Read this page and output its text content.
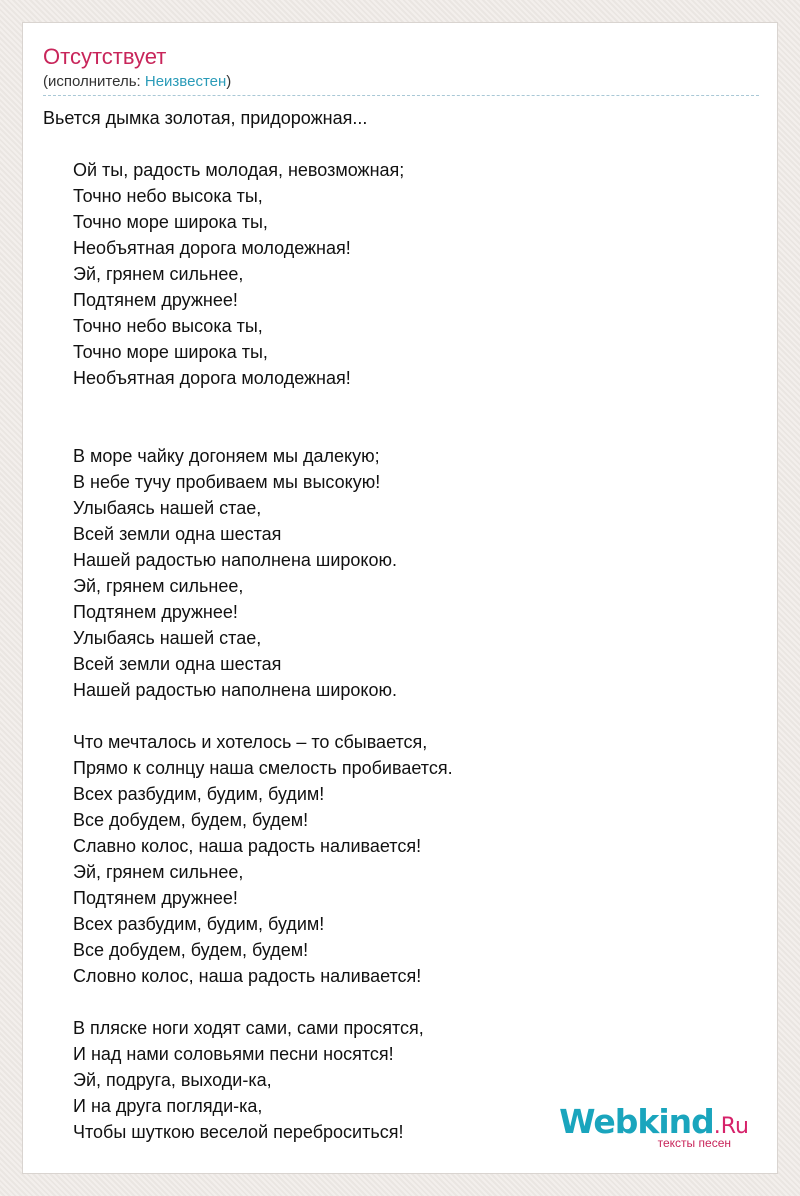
Отсутствует
(исполнитель: Неизвестен)
Вьется дымка золотая, придорожная...
Ой ты, радость молодая, невозможная;
Точно небо высока ты,
Точно море широка ты,
Необъятная дорога молодежная!
Эй, грянем сильнее,
Подтянем дружнее!
Точно небо высока ты,
Точно море широка ты,
Необъятная дорога молодежная!
В море чайку догоняем мы далекую;
В небе тучу пробиваем мы высокую!
Улыбаясь нашей стае,
Всей земли одна шестая
Нашей радостью наполнена широкою.
Эй, грянем сильнее,
Подтянем дружнее!
Улыбаясь нашей стае,
Всей земли одна шестая
Нашей радостью наполнена широкою.
Что мечталось и хотелось – то сбывается,
Прямо к солнцу наша смелость пробивается.
Всех разбудим, будим, будим!
Все добудем, будем, будем!
Славно колос, наша радость наливается!
Эй, грянем сильнее,
Подтянем дружнее!
Всех разбудим, будим, будим!
Все добудем, будем, будем!
Словно колос, наша радость наливается!
В пляске ноги ходят сами, сами просятся,
И над нами соловьями песни носятся!
Эй, подруга, выходи-ка,
И на друга погляди-ка,
Чтобы шуткою веселой переброситься!	Webkind.Ru
тексты песен
